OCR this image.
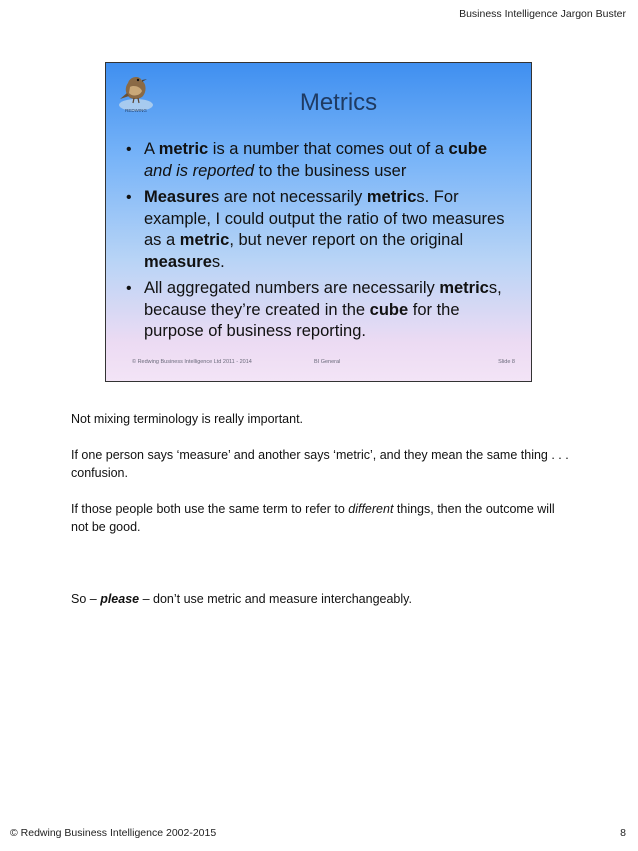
Business Intelligence Jargon Buster
REDWING	Metrics
• A metric is a number that comes out of a cube and is reported to the business user
• Measures are not necessarily metrics. For example, I could output the ratio of two measures as a metric, but never report on the original measures.
• All aggregated numbers are necessarily metrics, because they’re created in the cube for the purpose of business reporting.
© Redwing Business Intelligence Ltd 2011 - 2014	BI General	Slide 8

Not mixing terminology is really important.

If one person says ‘measure’ and another says ‘metric’, and they mean the same thing . . . confusion.

If those people both use the same term to refer to different things, then the outcome will not be good.

So – please – don’t use metric and measure interchangeably.

© Redwing Business Intelligence 2002-2015	8
